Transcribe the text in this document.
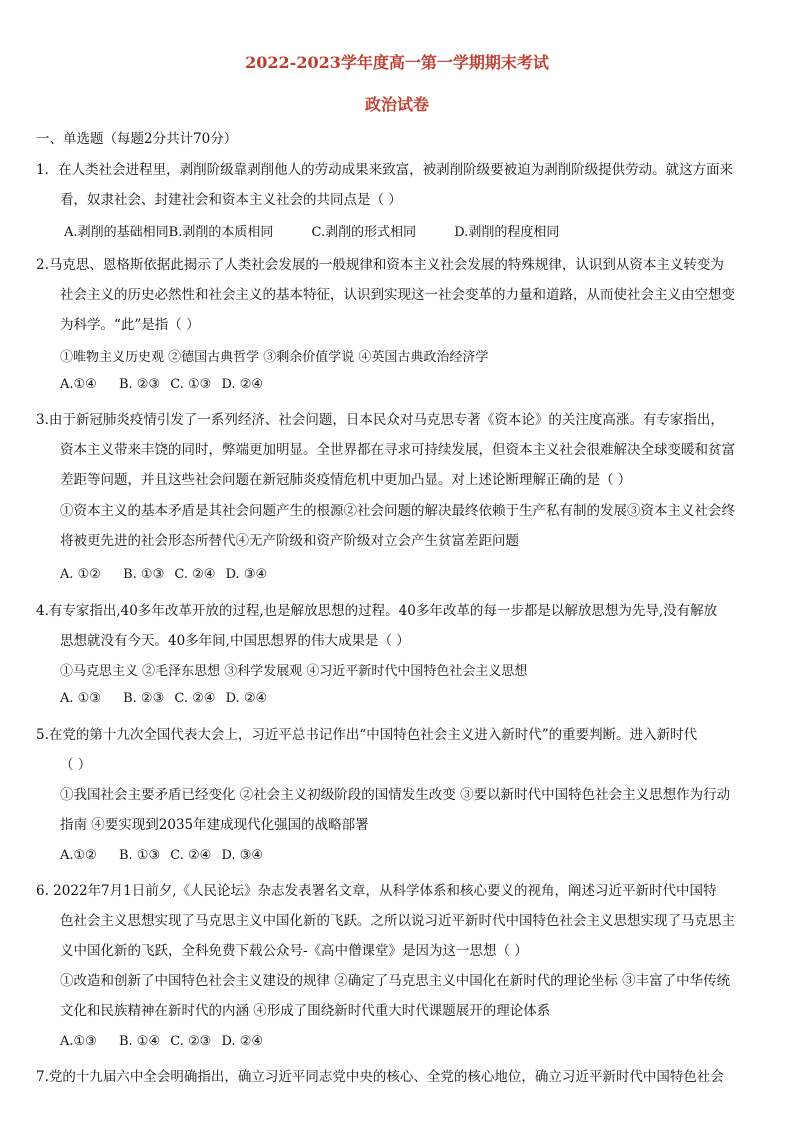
2022-2023学年度高一第一学期期末考试
政治试卷
一、单选题（每题2分共计70分）
1．在人类社会进程里，剥削阶级靠剥削他人的劳动成果来致富，被剥削阶级要被迫为剥削阶级提供劳动。就这方面来
看，奴隶社会、封建社会和资本主义社会的共同点是（ ）
A.剥削的基础相同B.剥削的本质相同	C.剥削的形式相同	D.剥削的程度相同
2.马克思、恩格斯依据此揭示了人类社会发展的一般规律和资本主义社会发展的特殊规律，认识到从资本主义转变为
社会主义的历史必然性和社会主义的基本特征，认识到实现这一社会变革的力量和道路，从而使社会主义由空想变
为科学。“此”是指（ ）
①唯物主义历史观 ②德国古典哲学 ③剩余价值学说 ④英国古典政治经济学
A.①④ B. ②③ C. ①③ D. ②④
3.由于新冠肺炎疫情引发了一系列经济、社会问题，日本民众对马克思专著《资本论》的关注度高涨。有专家指出，
资本主义带来丰饶的同时，弊端更加明显。全世界都在寻求可持续发展，但资本主义社会很难解决全球变暖和贫富
差距等问题，并且这些社会问题在新冠肺炎疫情危机中更加凸显。对上述论断理解正确的是（ ）
①资本主义的基本矛盾是其社会问题产生的根源②社会问题的解决最终依赖于生产私有制的发展③资本主义社会终
将被更先进的社会形态所替代④无产阶级和资产阶级对立会产生贫富差距问题
A. ①② B. ①③ C. ②④ D. ③④
4.有专家指出,40多年改革开放的过程,也是解放思想的过程。40多年改革的每一步都是以解放思想为先导,没有解放
思想就没有今天。40多年间,中国思想界的伟大成果是（ ）
①马克思主义 ②毛泽东思想 ③科学发展观 ④习近平新时代中国特色社会主义思想
A. ①③ B. ②③ C. ②④ D. ②④
5.在党的第十九次全国代表大会上，习近平总书记作出“中国特色社会主义进入新时代”的重要判断。进入新时代
（ ）
①我国社会主要矛盾已经变化 ②社会主义初级阶段的国情发生改变 ③要以新时代中国特色社会主义思想作为行动
指南 ④要实现到2035年建成现代化强国的战略部署
A.①② B. ①③ C. ②④ D. ③④
6. 2022年7月1日前夕,《人民论坛》杂志发表署名文章，从科学体系和核心要义的视角，阐述习近平新时代中国特
色社会主义思想实现了马克思主义中国化新的飞跃。之所以说习近平新时代中国特色社会主义思想实现了马克思主
义中国化新的飞跃，全科免费下载公众号-《高中僧课堂》是因为这一思想（ ）
①改造和创新了中国特色社会主义建设的规律 ②确定了马克思主义中国化在新时代的理论坐标 ③丰富了中华传统
文化和民族精神在新时代的内涵 ④形成了围绕新时代重大时代课题展开的理论体系
A.①③ B. ①④ C. ②③ D. ②④
7.党的十九届六中全会明确指出，确立习近平同志党中央的核心、全党的核心地位，确立习近平新时代中国特色社会
